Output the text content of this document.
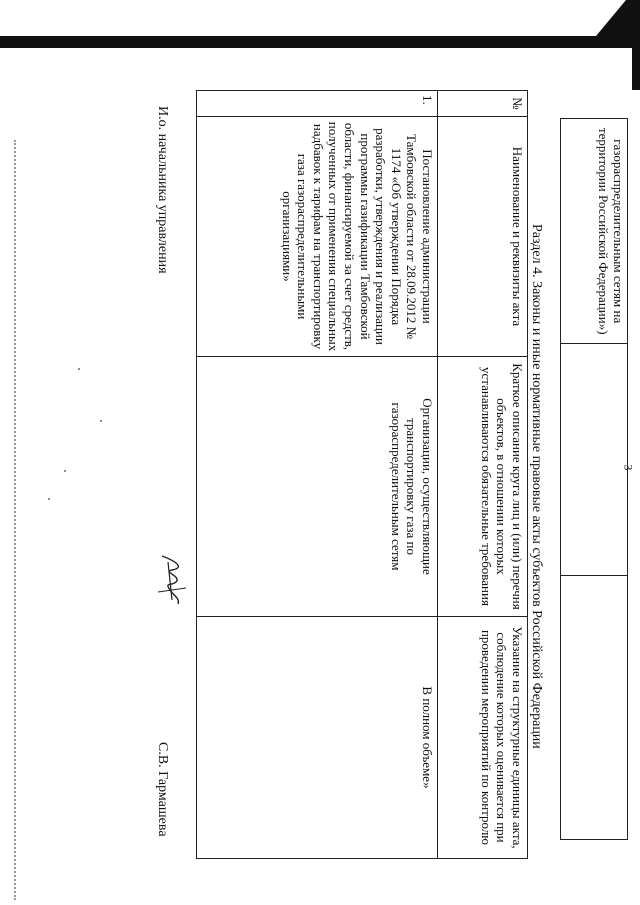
3
газораспределительным сетям на территории Российской Федерации»)		
Раздел 4. Законы и иные нормативные правовые акты субъектов Российской Федерации
№	Наименование и реквизиты акта	Краткое описание круга лиц и (или) перечня объектов, в отношении которых устанавливаются обязательные требования	Указание на структурные единицы акта, соблюдение которых оценивается при проведении мероприятий по контролю
1.	Постановление администрации Тамбовской области от 28.09.2012 № 1174 «Об утверждении Порядка разработки, утверждения и реализации программы газификации Тамбовской области, финансируемой за счет средств, полученных от применения специальных надбавок к тарифам на транспортировку газа газораспределительными организациями»	Организации, осуществляющие транспортировку газа по газораспределительным сетям	В полном объеме»
И.о. начальника управления
С.В. Гармашева
